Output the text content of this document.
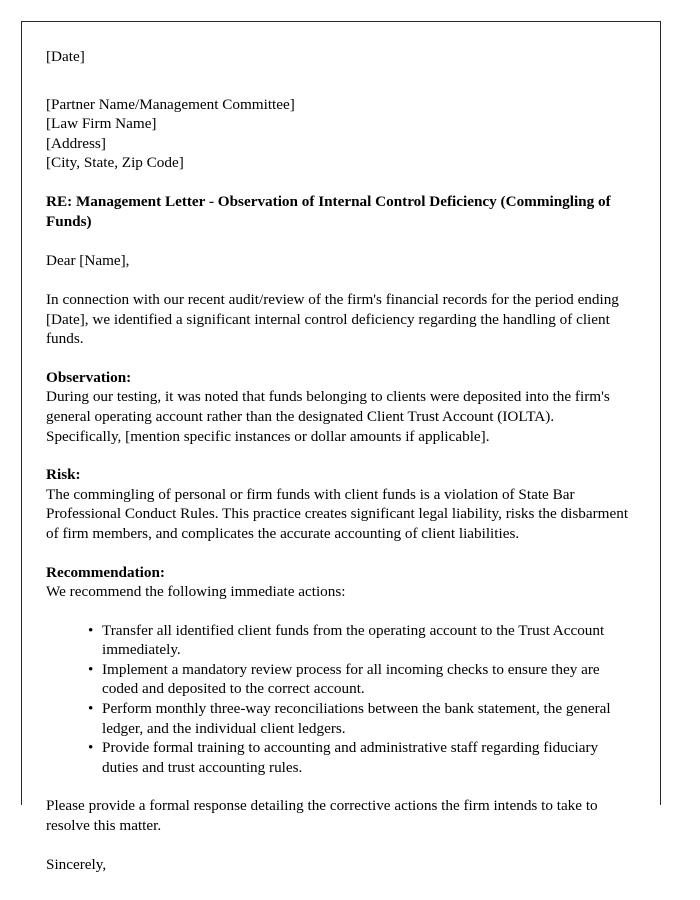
[Date]
[Partner Name/Management Committee]
[Law Firm Name]
[Address]
[City, State, Zip Code]
RE: Management Letter - Observation of Internal Control Deficiency (Commingling of Funds)
Dear [Name],

In connection with our recent audit/review of the firm's financial records for the period ending [Date], we identified a significant internal control deficiency regarding the handling of client funds.

Observation:

During our testing, it was noted that funds belonging to clients were deposited into the firm's general operating account rather than the designated Client Trust Account (IOLTA). Specifically, [mention specific instances or dollar amounts if applicable].

Risk:

The commingling of personal or firm funds with client funds is a violation of State Bar Professional Conduct Rules. This practice creates significant legal liability, risks the disbarment of firm members, and complicates the accurate accounting of client liabilities.

Recommendation:

We recommend the following immediate actions:

• Transfer all identified client funds from the operating account to the Trust Account immediately.
• Implement a mandatory review process for all incoming checks to ensure they are coded and deposited to the correct account.
• Perform monthly three-way reconciliations between the bank statement, the general ledger, and the individual client ledgers.
• Provide formal training to accounting and administrative staff regarding fiduciary duties and trust accounting rules.

Please provide a formal response detailing the corrective actions the firm intends to take to resolve this matter.

Sincerely,
